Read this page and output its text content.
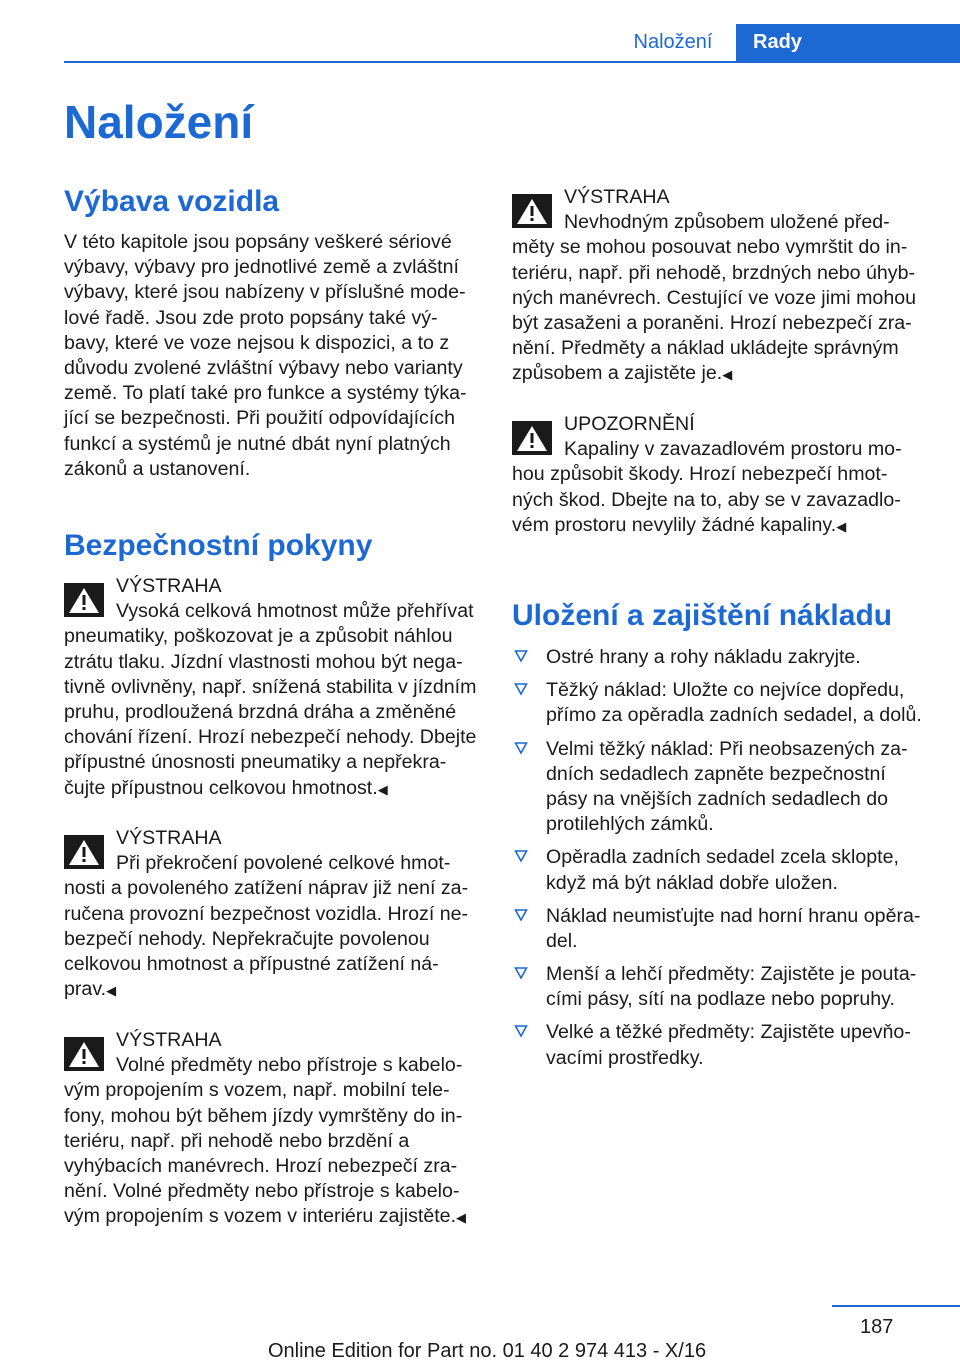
Naložení	Rady
Naložení
Výbava vozidla
V této kapitole jsou popsány veškeré sériové
výbavy, výbavy pro jednotlivé země a zvláštní
výbavy, které jsou nabízeny v příslušné mode‐
lové řadě. Jsou zde proto popsány také vý‐
bavy, které ve voze nejsou k dispozici, a to z
důvodu zvolené zvláštní výbavy nebo varianty
země. To platí také pro funkce a systémy týka‐
jící se bezpečnosti. Při použití odpovídajících
funkcí a systémů je nutné dbát nyní platných
zákonů a ustanovení.
Bezpečnostní pokyny
VÝSTRAHA
Vysoká celková hmotnost může přehřívat
pneumatiky, poškozovat je a způsobit náhlou
ztrátu tlaku. Jízdní vlastnosti mohou být nega‐
tivně ovlivněny, např. snížená stabilita v jízdním
pruhu, prodloužená brzdná dráha a změněné
chování řízení. Hrozí nebezpečí nehody. Dbejte
přípustné únosnosti pneumatiky a nepřekra‐
čujte přípustnou celkovou hmotnost.◀
VÝSTRAHA
Při překročení povolené celkové hmot‐
nosti a povoleného zatížení náprav již není za‐
ručena provozní bezpečnost vozidla. Hrozí ne‐
bezpečí nehody. Nepřekračujte povolenou
celkovou hmotnost a přípustné zatížení ná‐
prav.◀
VÝSTRAHA
Volné předměty nebo přístroje s kabelo‐
vým propojením s vozem, např. mobilní tele‐
fony, mohou být během jízdy vymrštěny do in‐
teriéru, např. při nehodě nebo brzdění a
vyhýbacích manévrech. Hrozí nebezpečí zra‐
nění. Volné předměty nebo přístroje s kabelo‐
vým propojením s vozem v interiéru zajistěte.◀
VÝSTRAHA
Nevhodným způsobem uložené před‐
měty se mohou posouvat nebo vymrštit do in‐
teriéru, např. při nehodě, brzdných nebo úhyb‐
ných manévrech. Cestující ve voze jimi mohou
být zasaženi a poraněni. Hrozí nebezpečí zra‐
nění. Předměty a náklad ukládejte správným
způsobem a zajistěte je.◀
UPOZORNĚNÍ
Kapaliny v zavazadlovém prostoru mo‐
hou způsobit škody. Hrozí nebezpečí hmot‐
ných škod. Dbejte na to, aby se v zavazadlo‐
vém prostoru nevylily žádné kapaliny.◀
Uložení a zajištění nákladu
Ostré hrany a rohy nákladu zakryjte.
Těžký náklad: Uložte co nejvíce dopředu,
přímo za opěradla zadních sedadel, a dolů.
Velmi těžký náklad: Při neobsazených za‐
dních sedadlech zapněte bezpečnostní
pásy na vnějších zadních sedadlech do
protilehlých zámků.
Opěradla zadních sedadel zcela sklopte,
když má být náklad dobře uložen.
Náklad neumisťujte nad horní hranu opěra‐
del.
Menší a lehčí předměty: Zajistěte je pouta‐
cími pásy, sítí na podlaze nebo popruhy.
Velké a těžké předměty: Zajistěte upevňo‐
vacími prostředky.
187
Online Edition for Part no. 01 40 2 974 413 - X/16
